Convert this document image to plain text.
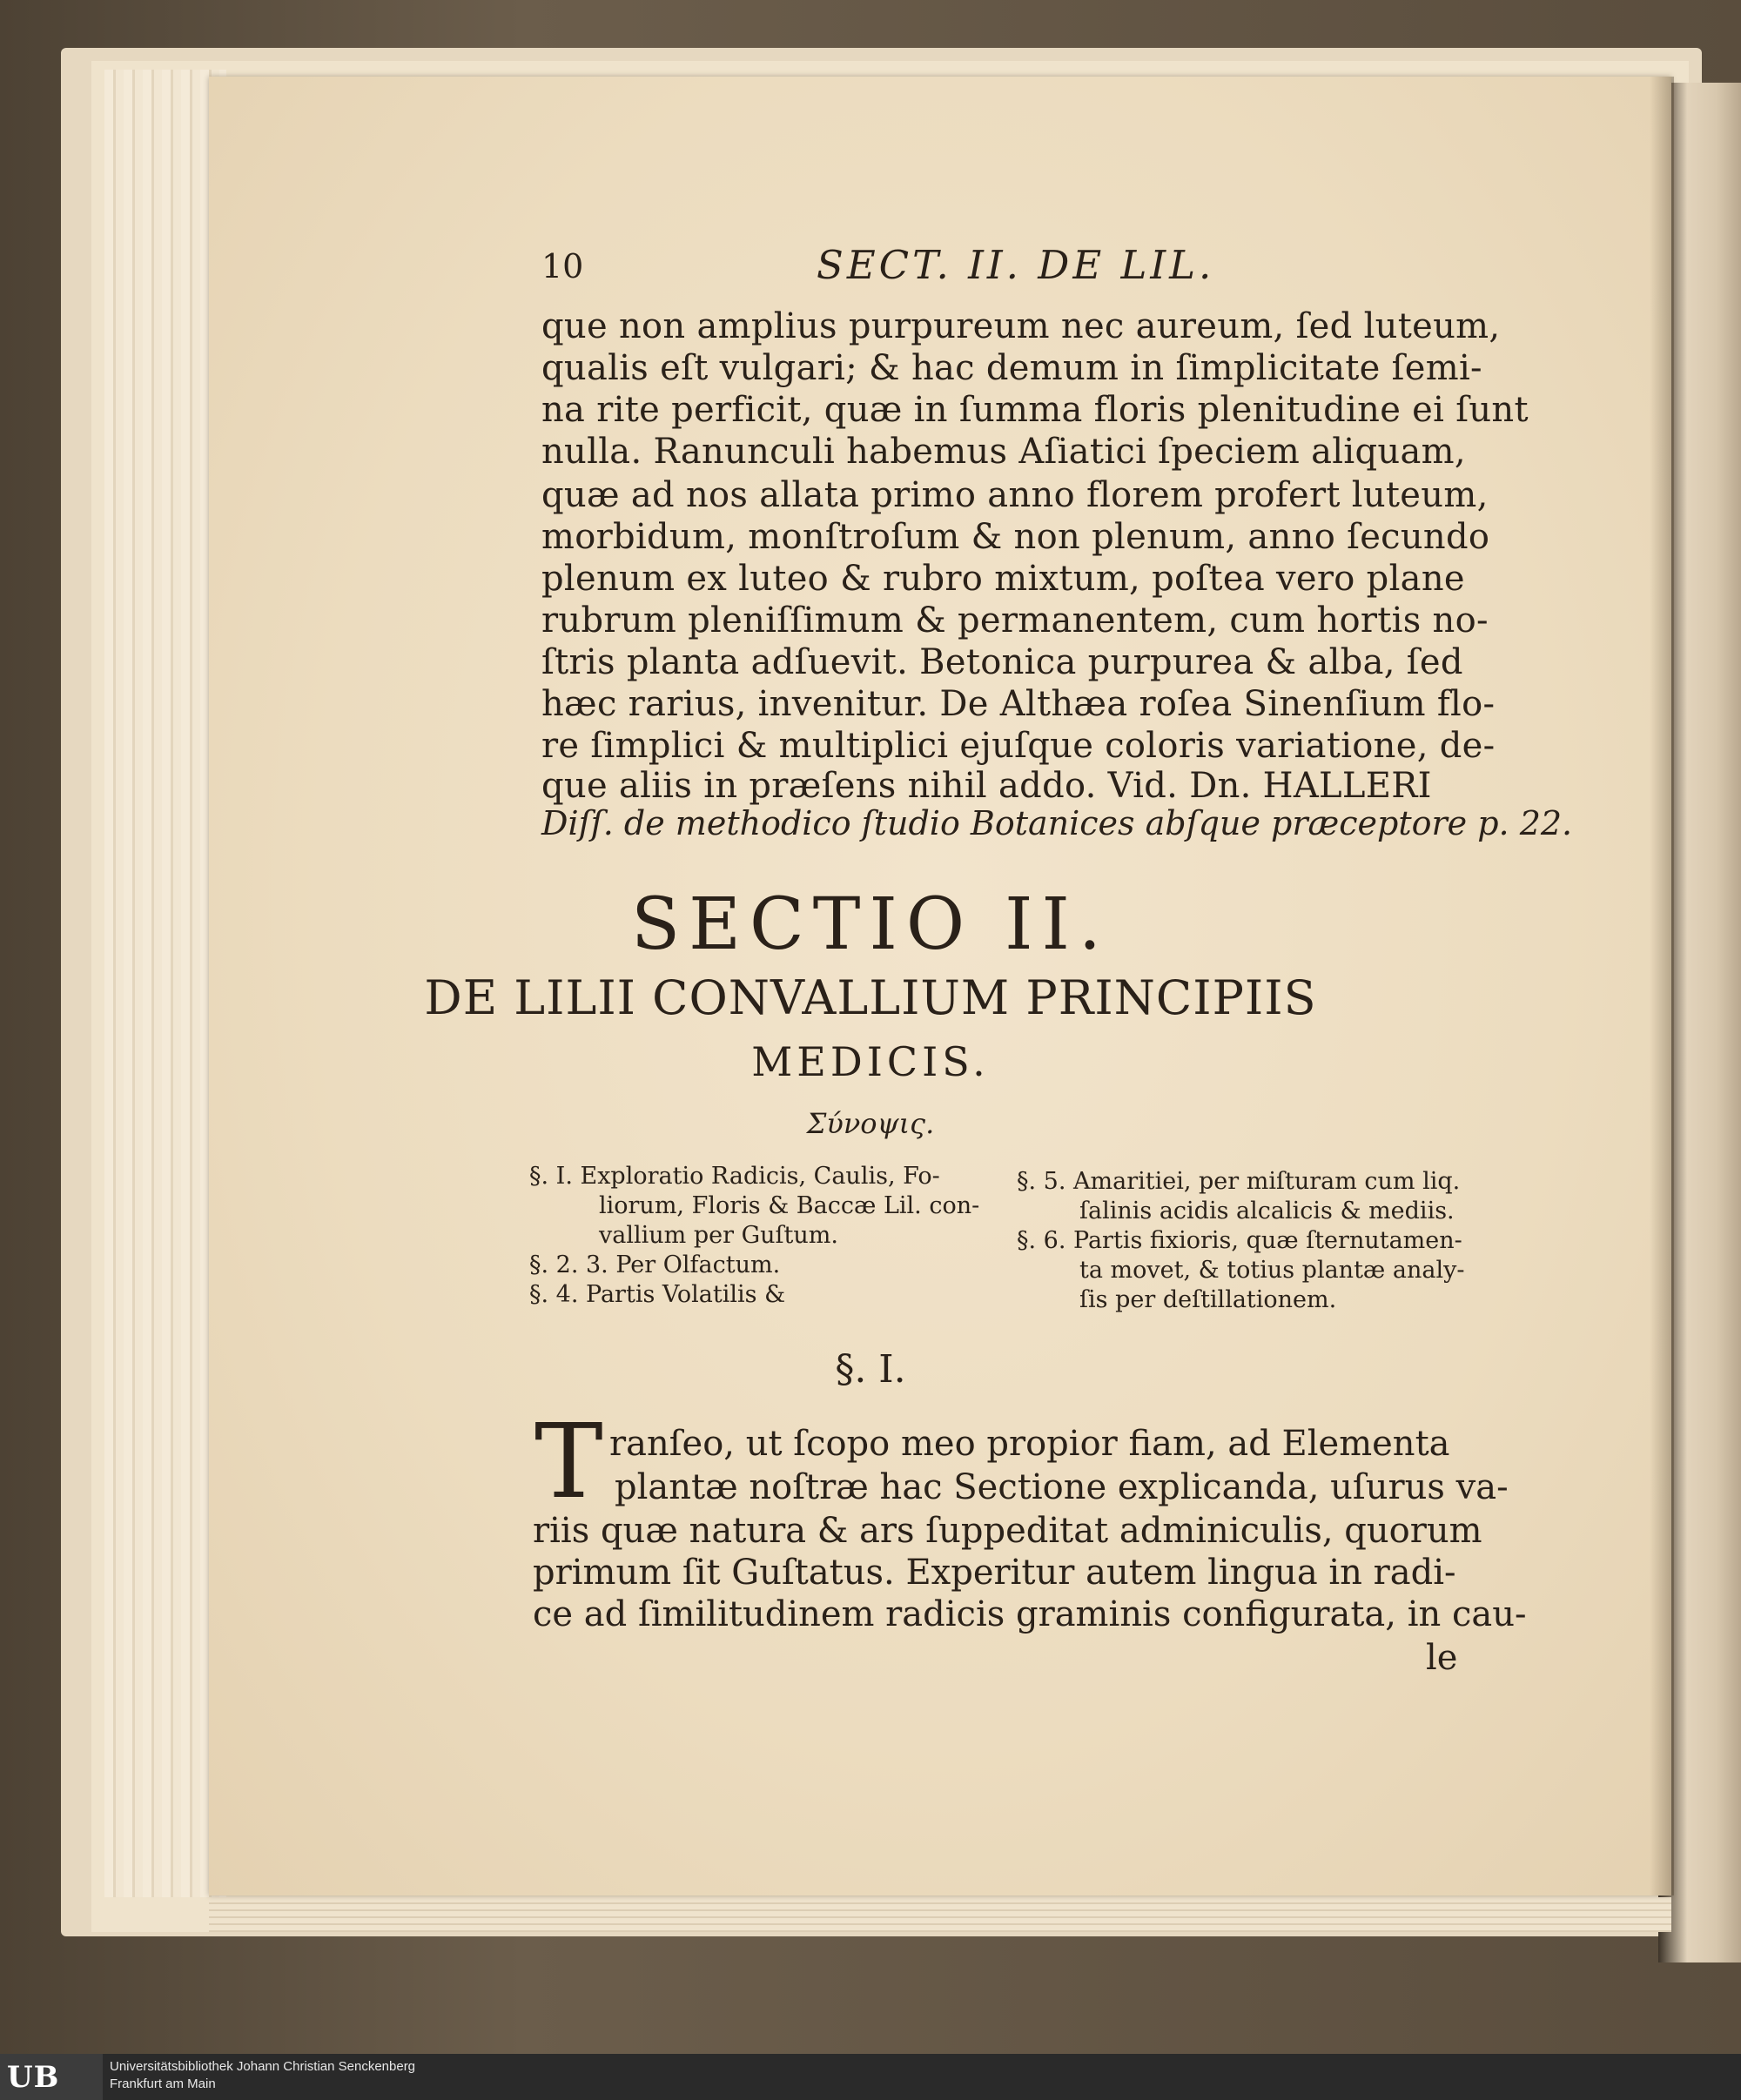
10	SECT. II. DE LIL.
que non amplius purpureum nec aureum, ſed luteum,
qualis eſt vulgari; & hac demum in ſimplicitate ſemi-
na rite perficit, quæ in ſumma floris plenitudine ei ſunt
nulla. Ranunculi habemus Aſiatici ſpeciem aliquam,
quæ ad nos allata primo anno florem profert luteum,
morbidum, monſtroſum & non plenum, anno ſecundo
plenum ex luteo & rubro mixtum, poſtea vero plane
rubrum pleniſſimum & permanentem, cum hortis no-
ſtris planta adſuevit. Betonica purpurea & alba, ſed
hæc rarius, invenitur. De Althæa roſea Sinenſium flo-
re ſimplici & multiplici ejuſque coloris variatione, de-
que aliis in præſens nihil addo. Vid. Dn. HALLERI
Diſſ. de methodico ſtudio Botanices abſque præceptore p. 22.
SECTIO II.
DE LILII CONVALLIUM PRINCIPIIS
MEDICIS.
Σύνοψις.
§. I. Exploratio Radicis, Caulis, Fo-
liorum, Floris & Baccæ Lil. con-
vallium per Guſtum.
§. 2. 3. Per Olfactum.
§. 4. Partis Volatilis &
§. 5. Amaritiei, per miſturam cum liq.
ſalinis acidis alcalicis & mediis.
§. 6. Partis fixioris, quæ ſternutamen-
ta movet, & totius plantæ analy-
ſis per deſtillationem.
§. I.
T ranſeo, ut ſcopo meo propior fiam, ad Elementa
plantæ noſtræ hac Sectione explicanda, uſurus va-
riis quæ natura & ars ſuppeditat adminiculis, quorum
primum ſit Guſtatus. Experitur autem lingua in radi-
ce ad ſimilitudinem radicis graminis configurata, in cau-
le
UB	Universitätsbibliothek Johann Christian Senckenberg
Frankfurt am Main
